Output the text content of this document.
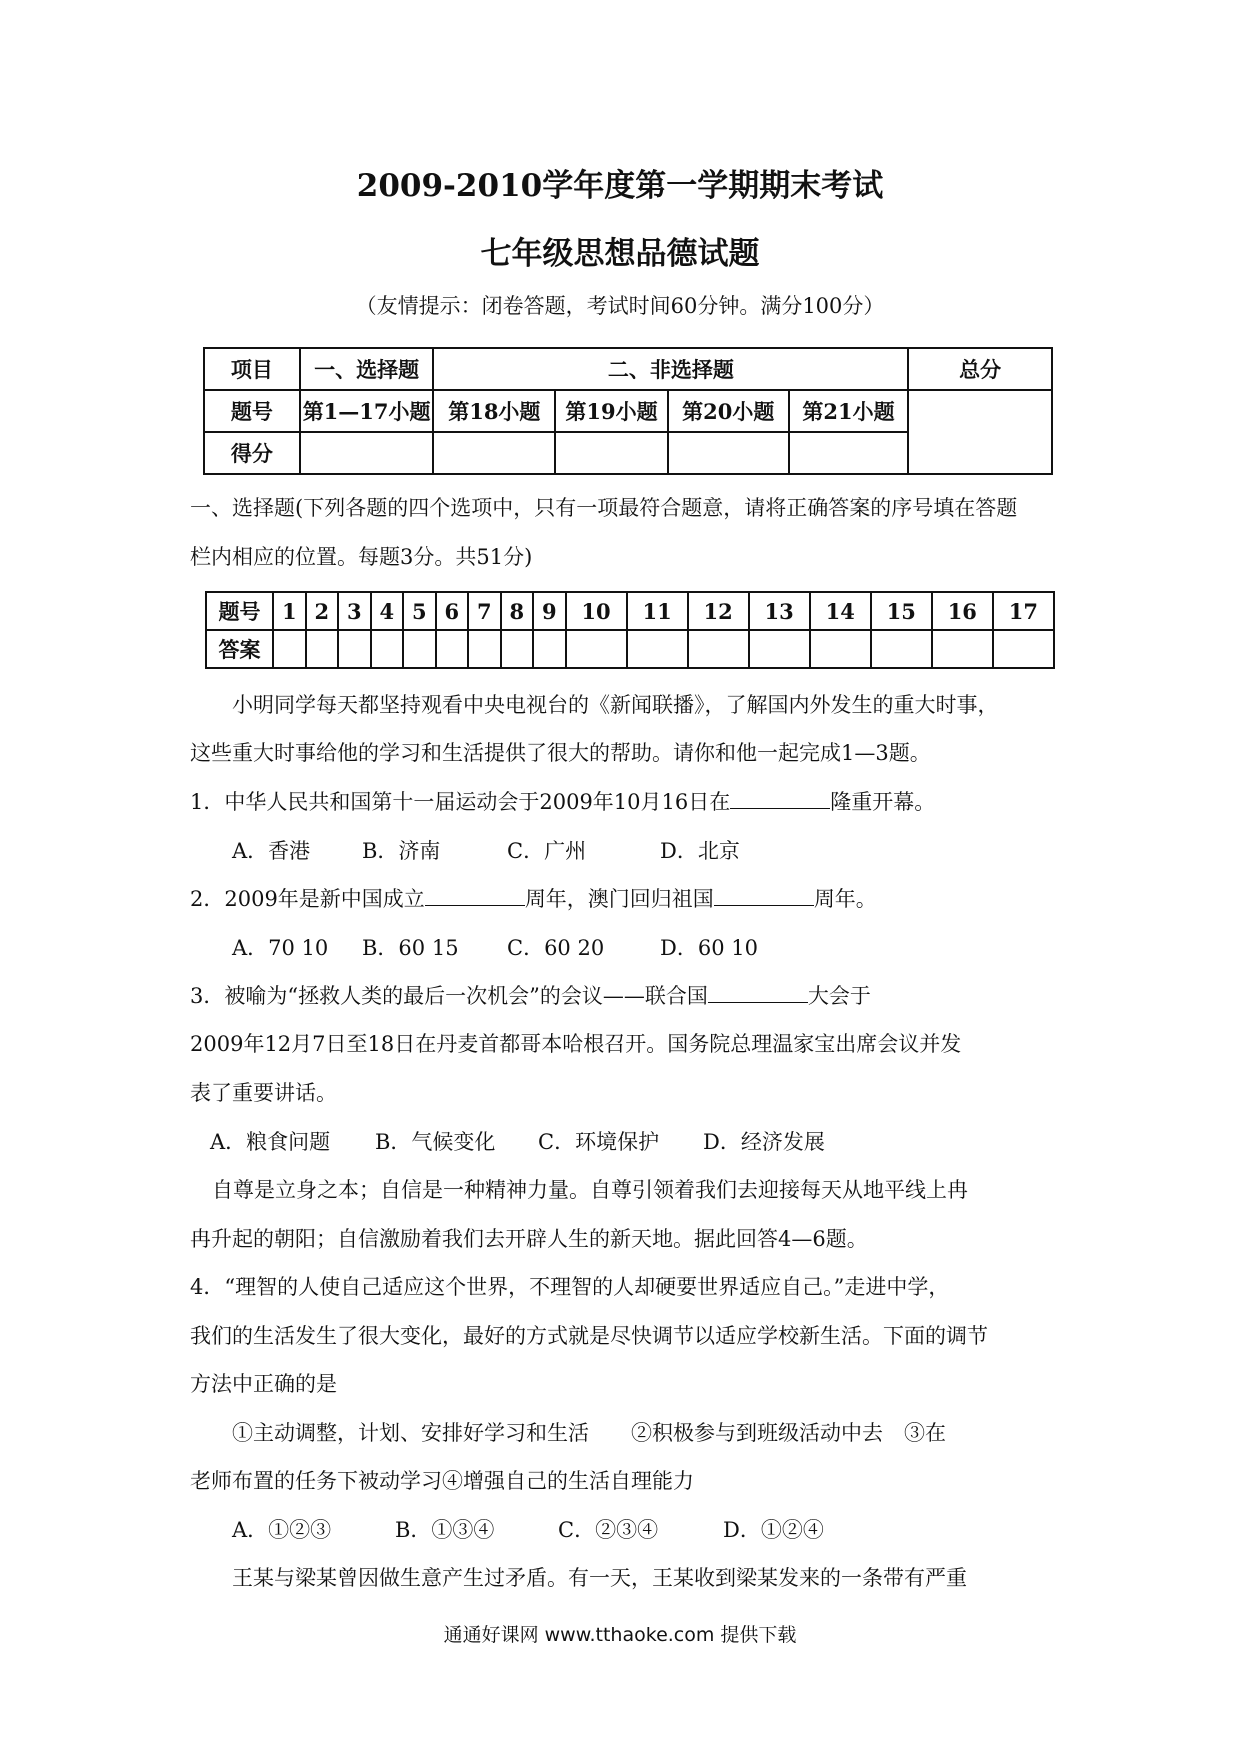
2009-2010学年度第一学期期末考试
七年级思想品德试题
（友情提示：闭卷答题，考试时间60分钟。满分100分）
项目	一、选择题	二、非选择题				总分
题号	第1—17小题	第18小题	第19小题	第20小题	第21小题	
得分						
一、选择题(下列各题的四个选项中，只有一项最符合题意，请将正确答案的序号填在答题
栏内相应的位置。每题3分。共51分)
题号	1	2	3	4	5	6	7	8	9	10	11	12	13	14	15	16	17
答案																	
小明同学每天都坚持观看中央电视台的《新闻联播》，了解国内外发生的重大时事，
这些重大时事给他的学习和生活提供了很大的帮助。请你和他一起完成1—3题。
1．中华人民共和国第十一届运动会于2009年10月16日在	隆重开幕。
A．香港 B．济南	C．广州	D．北京
2．2009年是新中国成立	周年，澳门回归祖国	周年。
A．70 10 B．60 15 C．60 20	D．60 10
3．被喻为“拯救人类的最后一次机会”的会议——联合国	大会于
2009年12月7日至18日在丹麦首都哥本哈根召开。国务院总理温家宝出席会议并发
表了重要讲话。
A．粮食问题 B．气候变化 C．环境保护 D．经济发展
自尊是立身之本；自信是一种精神力量。自尊引领着我们去迎接每天从地平线上冉
冉升起的朝阳；自信激励着我们去开辟人生的新天地。据此回答4—6题。
4．“理智的人使自己适应这个世界，不理智的人却硬要世界适应自己。”走进中学，
我们的生活发生了很大变化，最好的方式就是尽快调节以适应学校新生活。下面的调节
方法中正确的是
①主动调整，计划、安排好学习和生活　　②积极参与到班级活动中去　③在
老师布置的任务下被动学习④增强自己的生活自理能力
A．①②③	B．①③④	C．②③④	D．①②④
王某与梁某曾因做生意产生过矛盾。有一天，王某收到梁某发来的一条带有严重
通通好课网 www.tthaoke.com 提供下载
